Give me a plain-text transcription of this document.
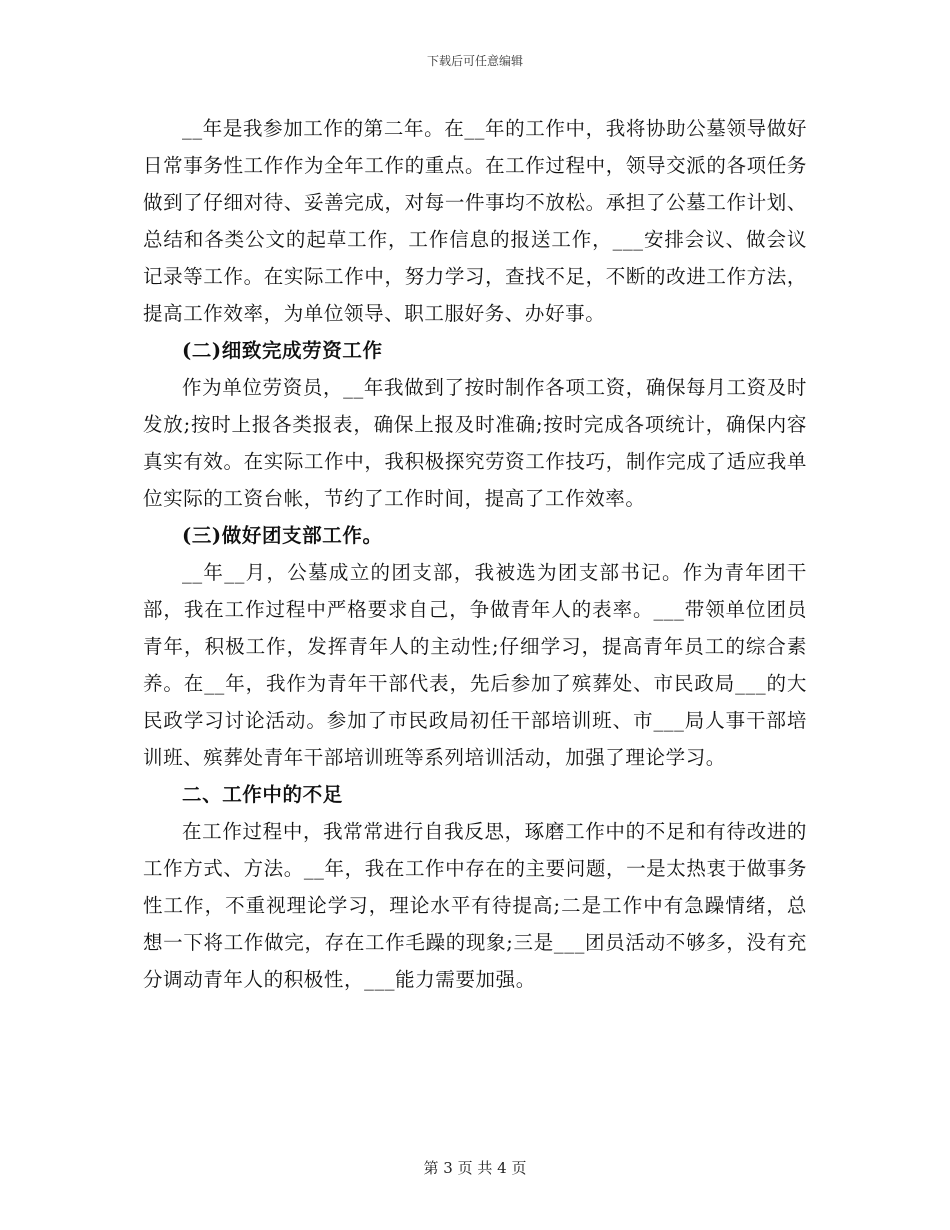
下载后可任意编辑

__年是我参加工作的第二年。在__年的工作中，我将协助公墓领导做好日常事务性工作作为全年工作的重点。在工作过程中，领导交派的各项任务做到了仔细对待、妥善完成，对每一件事均不放松。承担了公墓工作计划、总结和各类公文的起草工作，工作信息的报送工作，___安排会议、做会议记录等工作。在实际工作中，努力学习，查找不足，不断的改进工作方法，提高工作效率，为单位领导、职工服好务、办好事。

(二)细致完成劳资工作

作为单位劳资员，__年我做到了按时制作各项工资，确保每月工资及时发放;按时上报各类报表，确保上报及时准确;按时完成各项统计，确保内容真实有效。在实际工作中，我积极探究劳资工作技巧，制作完成了适应我单位实际的工资台帐，节约了工作时间，提高了工作效率。

(三)做好团支部工作。

__年__月，公墓成立的团支部，我被选为团支部书记。作为青年团干部，我在工作过程中严格要求自己，争做青年人的表率。___带领单位团员青年，积极工作，发挥青年人的主动性;仔细学习，提高青年员工的综合素养。在__年，我作为青年干部代表，先后参加了殡葬处、市民政局___的大民政学习讨论活动。参加了市民政局初任干部培训班、市___局人事干部培训班、殡葬处青年干部培训班等系列培训活动，加强了理论学习。

二、工作中的不足

在工作过程中，我常常进行自我反思，琢磨工作中的不足和有待改进的工作方式、方法。__年，我在工作中存在的主要问题，一是太热衷于做事务性工作，不重视理论学习，理论水平有待提高;二是工作中有急躁情绪，总想一下将工作做完，存在工作毛躁的现象;三是___团员活动不够多，没有充分调动青年人的积极性，___能力需要加强。

第 3 页 共 4 页
